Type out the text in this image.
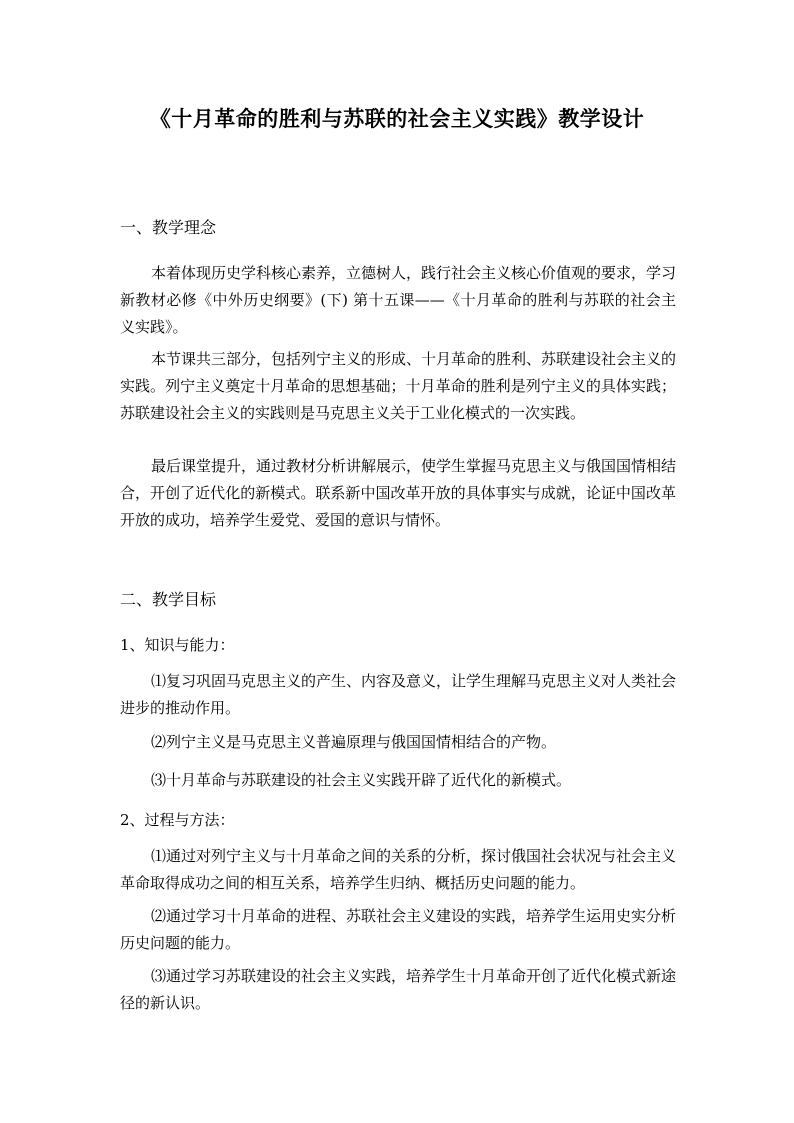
《十月革命的胜利与苏联的社会主义实践》教学设计
一、教学理念

本着体现历史学科核心素养，立德树人，践行社会主义核心价值观的要求，学习新教材必修《中外历史纲要》(下) 第十五课——《十月革命的胜利与苏联的社会主义实践》。

本节课共三部分，包括列宁主义的形成、十月革命的胜利、苏联建设社会主义的实践。列宁主义奠定十月革命的思想基础；十月革命的胜利是列宁主义的具体实践；苏联建设社会主义的实践则是马克思主义关于工业化模式的一次实践。

最后课堂提升，通过教材分析讲解展示，使学生掌握马克思主义与俄国国情相结合，开创了近代化的新模式。联系新中国改革开放的具体事实与成就，论证中国改革开放的成功，培养学生爱党、爱国的意识与情怀。

二、教学目标

1、知识与能力：

⑴复习巩固马克思主义的产生、内容及意义，让学生理解马克思主义对人类社会进步的推动作用。

⑵列宁主义是马克思主义普遍原理与俄国国情相结合的产物。

⑶十月革命与苏联建设的社会主义实践开辟了近代化的新模式。

2、过程与方法：

⑴通过对列宁主义与十月革命之间的关系的分析，探讨俄国社会状况与社会主义革命取得成功之间的相互关系，培养学生归纳、概括历史问题的能力。

⑵通过学习十月革命的进程、苏联社会主义建设的实践，培养学生运用史实分析历史问题的能力。

⑶通过学习苏联建设的社会主义实践，培养学生十月革命开创了近代化模式新途径的新认识。
